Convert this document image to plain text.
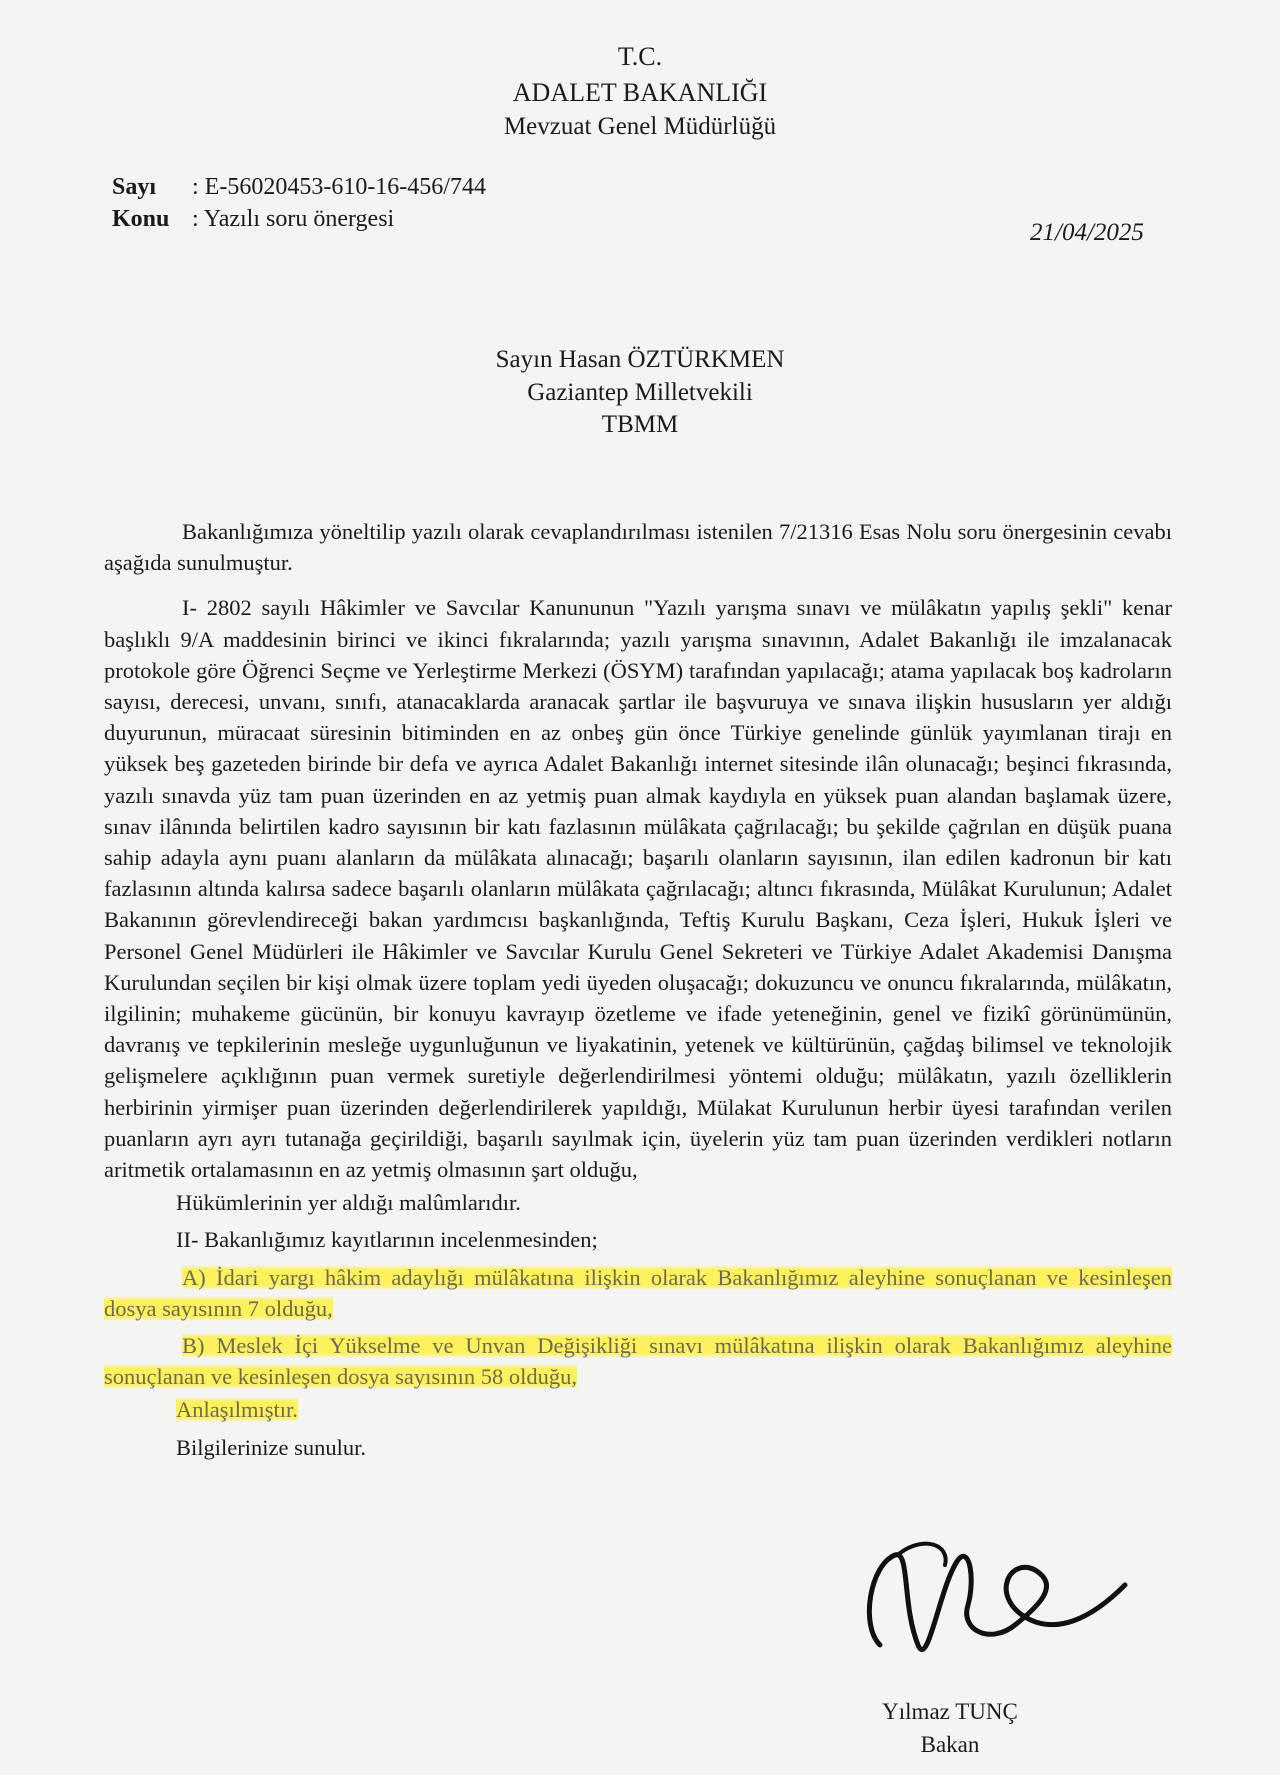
T.C.
ADALET BAKANLIĞI
Mevzuat Genel Müdürlüğü
Sayı : E-56020453-610-16-456/744
Konu : Yazılı soru önergesi	21/04/2025
Sayın Hasan ÖZTÜRKMEN
Gaziantep Milletvekili
TBMM

Bakanlığımıza yöneltilip yazılı olarak cevaplandırılması istenilen 7/21316 Esas Nolu soru önergesinin cevabı aşağıda sunulmuştur.

I- 2802 sayılı Hâkimler ve Savcılar Kanununun "Yazılı yarışma sınavı ve mülâkatın yapılış şekli" kenar başlıklı 9/A maddesinin birinci ve ikinci fıkralarında; yazılı yarışma sınavının, Adalet Bakanlığı ile imzalanacak protokole göre Öğrenci Seçme ve Yerleştirme Merkezi (ÖSYM) tarafından yapılacağı; atama yapılacak boş kadroların sayısı, derecesi, unvanı, sınıfı, atanacaklarda aranacak şartlar ile başvuruya ve sınava ilişkin hususların yer aldığı duyurunun, müracaat süresinin bitiminden en az onbeş gün önce Türkiye genelinde günlük yayımlanan tirajı en yüksek beş gazeteden birinde bir defa ve ayrıca Adalet Bakanlığı internet sitesinde ilân olunacağı; beşinci fıkrasında, yazılı sınavda yüz tam puan üzerinden en az yetmiş puan almak kaydıyla en yüksek puan alandan başlamak üzere, sınav ilânında belirtilen kadro sayısının bir katı fazlasının mülâkata çağrılacağı; bu şekilde çağrılan en düşük puana sahip adayla aynı puanı alanların da mülâkata alınacağı; başarılı olanların sayısının, ilan edilen kadronun bir katı fazlasının altında kalırsa sadece başarılı olanların mülâkata çağrılacağı; altıncı fıkrasında, Mülâkat Kurulunun; Adalet Bakanının görevlendireceği bakan yardımcısı başkanlığında, Teftiş Kurulu Başkanı, Ceza İşleri, Hukuk İşleri ve Personel Genel Müdürleri ile Hâkimler ve Savcılar Kurulu Genel Sekreteri ve Türkiye Adalet Akademisi Danışma Kurulundan seçilen bir kişi olmak üzere toplam yedi üyeden oluşacağı; dokuzuncu ve onuncu fıkralarında, mülâkatın, ilgilinin; muhakeme gücünün, bir konuyu kavrayıp özetleme ve ifade yeteneğinin, genel ve fizikî görünümünün, davranış ve tepkilerinin mesleğe uygunluğunun ve liyakatinin, yetenek ve kültürünün, çağdaş bilimsel ve teknolojik gelişmelere açıklığının puan vermek suretiyle değerlendirilmesi yöntemi olduğu; mülâkatın, yazılı özelliklerin herbirinin yirmişer puan üzerinden değerlendirilerek yapıldığı, Mülakat Kurulunun herbir üyesi tarafından verilen puanların ayrı ayrı tutanağa geçirildiği, başarılı sayılmak için, üyelerin yüz tam puan üzerinden verdikleri notların aritmetik ortalamasının en az yetmiş olmasının şart olduğu,

Hükümlerinin yer aldığı malûmlarıdır.

II- Bakanlığımız kayıtlarının incelenmesinden;

A) İdari yargı hâkim adaylığı mülâkatına ilişkin olarak Bakanlığımız aleyhine sonuçlanan ve kesinleşen dosya sayısının 7 olduğu,

B) Meslek İçi Yükselme ve Unvan Değişikliği sınavı mülâkatına ilişkin olarak Bakanlığımız aleyhine sonuçlanan ve kesinleşen dosya sayısının 58 olduğu,

Anlaşılmıştır.

Bilgilerinize sunulur.

Yılmaz TUNÇ
Bakan
